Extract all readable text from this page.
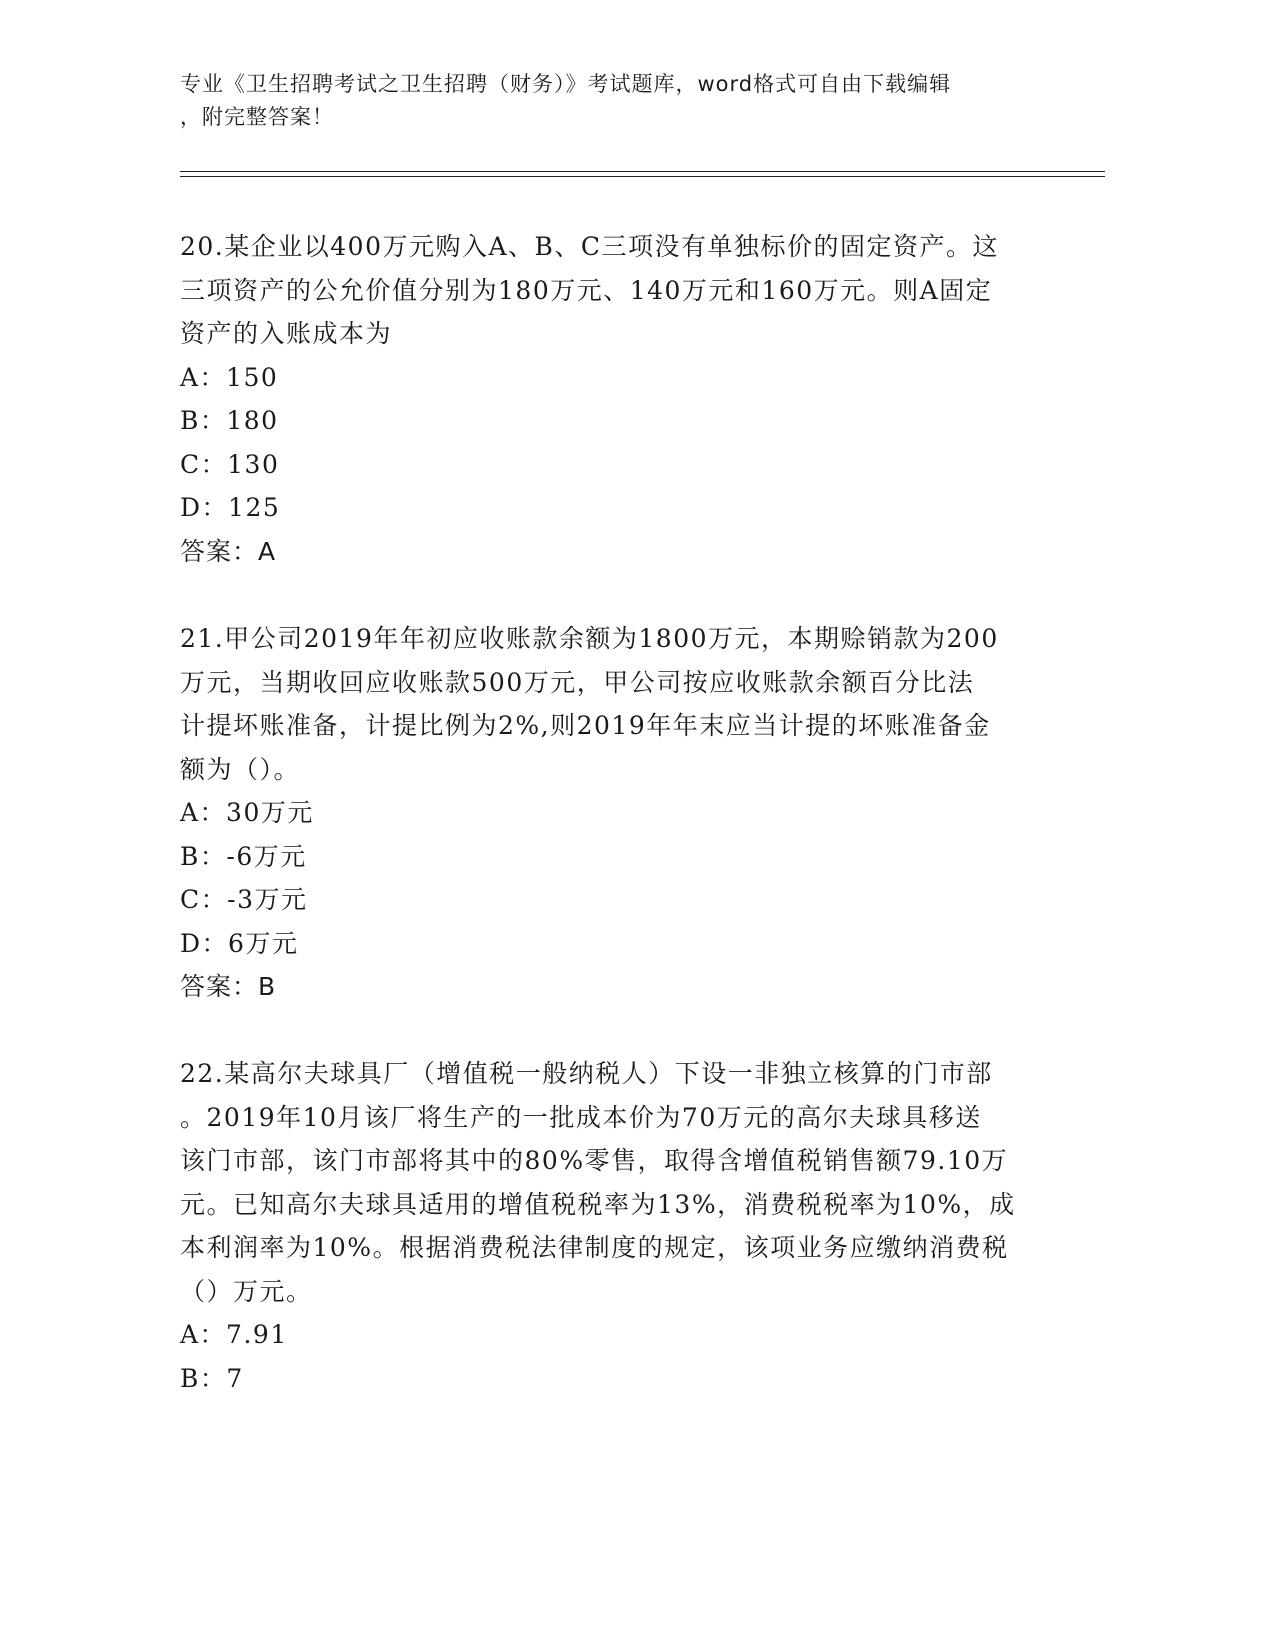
专业《卫生招聘考试之卫生招聘（财务）》考试题库，word格式可自由下载编辑
，附完整答案！
20.某企业以400万元购入A、B、C三项没有单独标价的固定资产。这
三项资产的公允价值分别为180万元、140万元和160万元。则A固定
资产的入账成本为
A：150
B：180
C：130
D：125
答案：A
21.甲公司2019年年初应收账款余额为1800万元，本期赊销款为200
万元，当期收回应收账款500万元，甲公司按应收账款余额百分比法
计提坏账准备，计提比例为2%,则2019年年末应当计提的坏账准备金
额为（）。
A：30万元
B：-6万元
C：-3万元
D：6万元
答案：B
22.某高尔夫球具厂（增值税一般纳税人）下设一非独立核算的门市部
。2019年10月该厂将生产的一批成本价为70万元的高尔夫球具移送
该门市部，该门市部将其中的80%零售，取得含增值税销售额79.10万
元。已知高尔夫球具适用的增值税税率为13%，消费税税率为10%，成
本利润率为10%。根据消费税法律制度的规定，该项业务应缴纳消费税
（）万元。
A：7.91
B：7
